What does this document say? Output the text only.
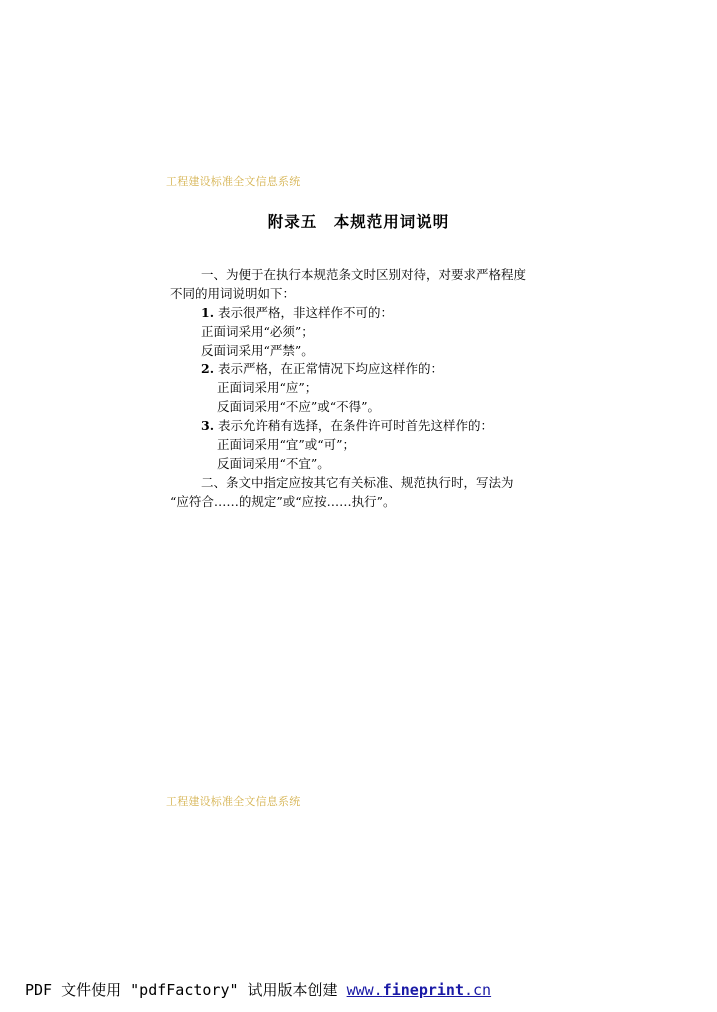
工程建设标准全文信息系统
附录五　本规范用词说明
一、为便于在执行本规范条文时区别对待，对要求严格程度
不同的用词说明如下：
1. 表示很严格，非这样作不可的：
正面词采用“必须”；
反面词采用“严禁”。
2. 表示严格，在正常情况下均应这样作的：
正面词采用“应”；
反面词采用“不应”或“不得”。
3. 表示允许稍有选择，在条件许可时首先这样作的：
正面词采用“宜”或“可”；
反面词采用“不宜”。
二、条文中指定应按其它有关标准、规范执行时，写法为
“应符合……的规定”或“应按……执行”。
工程建设标准全文信息系统
PDF 文件使用 "pdfFactory" 试用版本创建 www.fineprint.cn
